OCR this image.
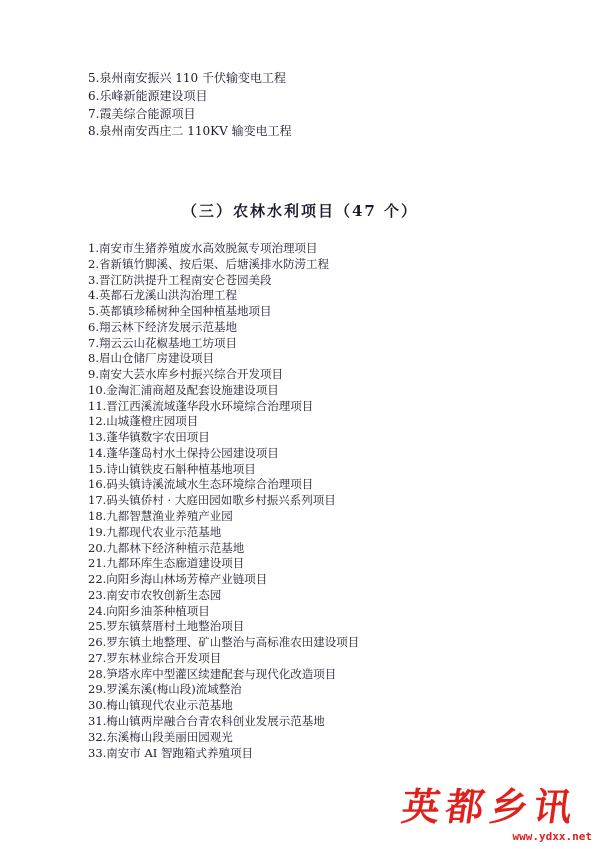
5.泉州南安振兴 110 千伏输变电工程
6.乐峰新能源建设项目
7.霞美综合能源项目
8.泉州南安西庄二 110KV 输变电工程
（三）农林水利项目（47 个）
1.南安市生猪养殖废水高效脱氮专项治理项目
2.省新镇竹脚溪、按后渠、后塘溪排水防涝工程
3.晋江防洪提升工程南安仑苍园美段
4.英都石龙溪山洪沟治理工程
5.英都镇珍稀树种全国种植基地项目
6.翔云林下经济发展示范基地
7.翔云云山花椒基地工坊项目
8.眉山仓储厂房建设项目
9.南安大芸水库乡村振兴综合开发项目
10.金淘汇浦商超及配套设施建设项目
11.晋江西溪流域蓬华段水环境综合治理项目
12.山城蓬橙庄园项目
13.蓬华镇数字农田项目
14.蓬华蓬岛村水土保持公园建设项目
15.诗山镇铁皮石斛种植基地项目
16.码头镇诗溪流域水生态环境综合治理项目
17.码头镇侨村 · 大庭田园如歌乡村振兴系列项目
18.九都智慧渔业养殖产业园
19.九都现代农业示范基地
20.九都林下经济种植示范基地
21.九都环库生态廊道建设项目
22.向阳乡海山林场芳樟产业链项目
23.南安市农牧创新生态园
24.向阳乡油茶种植项目
25.罗东镇蔡厝村土地整治项目
26.罗东镇土地整理、矿山整治与高标准农田建设项目
27.罗东林业综合开发项目
28.笋塔水库中型灌区续建配套与现代化改造项目
29.罗溪东溪(梅山段)流域整治
30.梅山镇现代农业示范基地
31.梅山镇两岸融合台青农科创业发展示范基地
32.东溪梅山段美丽田园观光
33.南安市 AI 智跑箱式养殖项目
英都乡讯
www.ydxx.net
